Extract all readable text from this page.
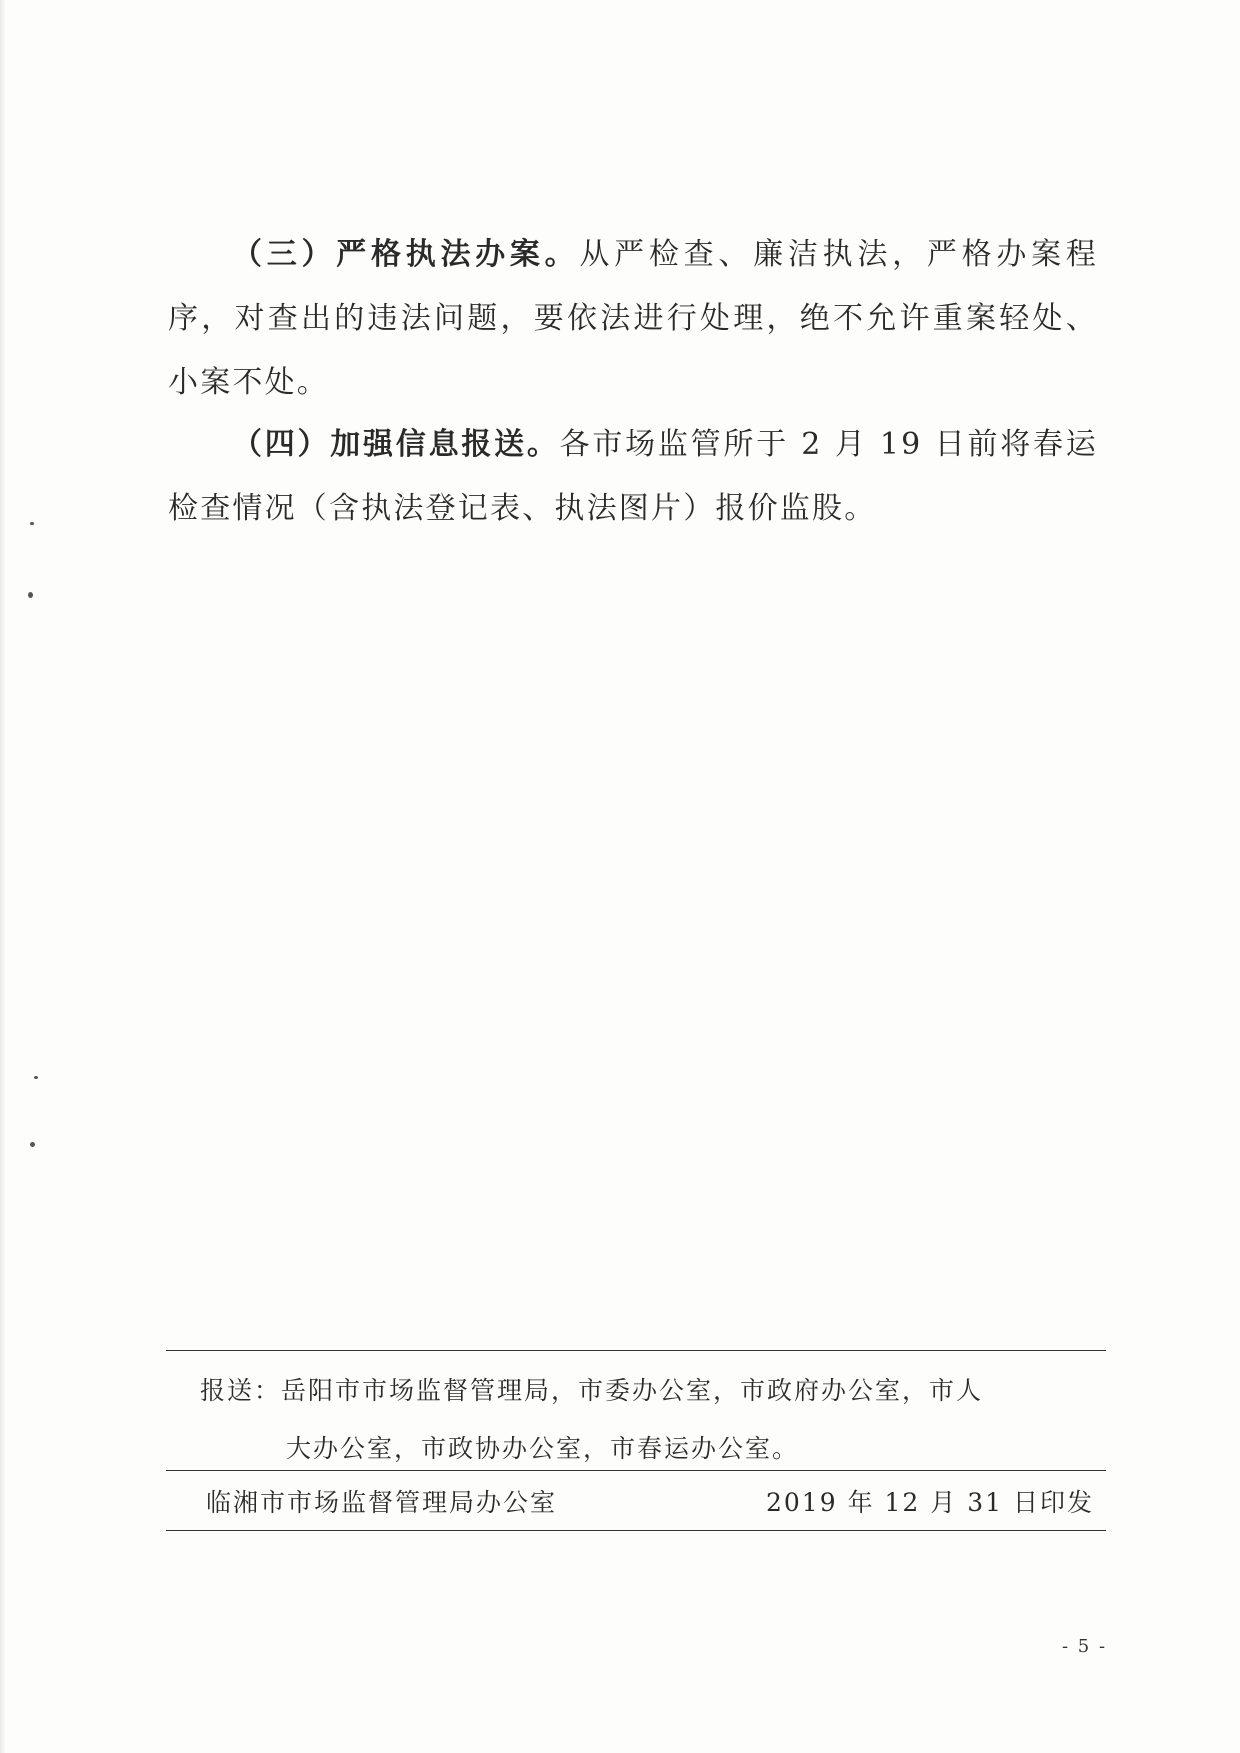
（三）严格执法办案。从严检查、廉洁执法，严格办案程序，对查出的违法问题，要依法进行处理，绝不允许重案轻处、小案不处。

（四）加强信息报送。各市场监管所于 2 月 19 日前将春运检查情况（含执法登记表、执法图片）报价监股。

报送：岳阳市市场监督管理局，市委办公室，市政府办公室，市人

大办公室，市政协办公室，市春运办公室。

临湘市市场监督管理局办公室	2019 年 12 月 31 日印发
- 5 -
